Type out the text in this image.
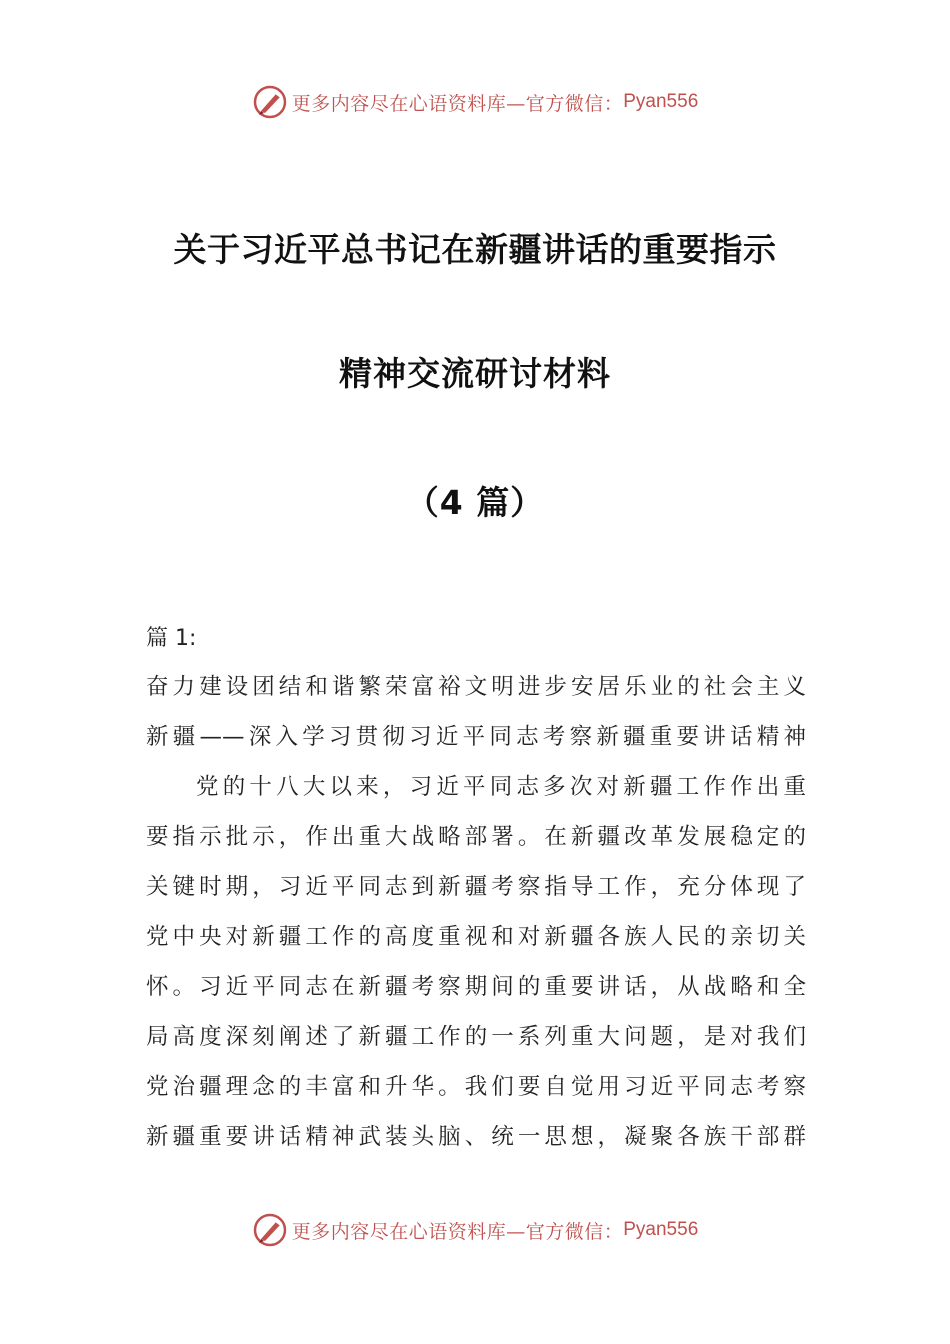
更多内容尽在心语资料库—官方微信： Pyan556
关于习近平总书记在新疆讲话的重要指示
精神交流研讨材料
（4 篇）
篇 1:
奋力建设团结和谐繁荣富裕文明进步安居乐业的社会主义
新疆——深入学习贯彻习近平同志考察新疆重要讲话精神
党的十八大以来，习近平同志多次对新疆工作作出重
要指示批示，作出重大战略部署。在新疆改革发展稳定的
关键时期，习近平同志到新疆考察指导工作，充分体现了
党中央对新疆工作的高度重视和对新疆各族人民的亲切关
怀。习近平同志在新疆考察期间的重要讲话，从战略和全
局高度深刻阐述了新疆工作的一系列重大问题，是对我们
党治疆理念的丰富和升华。我们要自觉用习近平同志考察
新疆重要讲话精神武装头脑、统一思想，凝聚各族干部群
更多内容尽在心语资料库—官方微信： Pyan556
